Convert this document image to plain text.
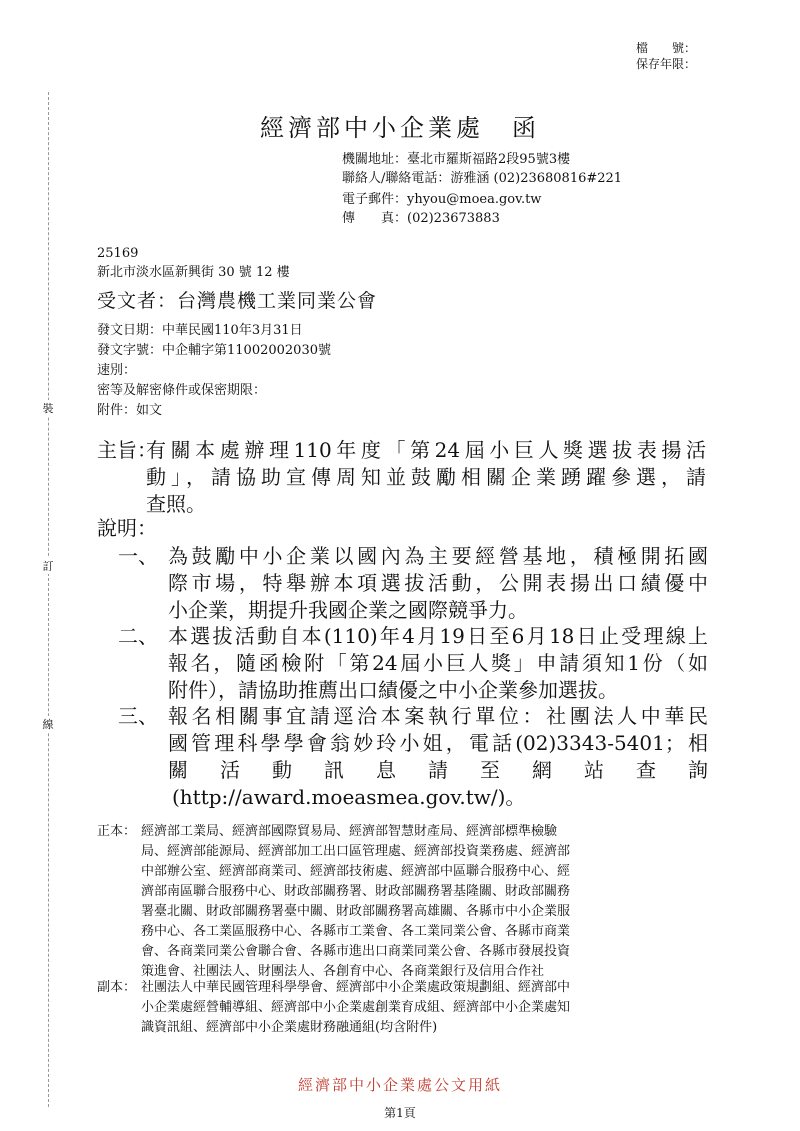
檔　　號：
保存年限：
經濟部中小企業處　函
機關地址：臺北市羅斯福路2段95號3樓
聯絡人/聯絡電話：游雅涵 (02)23680816#221
電子郵件：yhyou@moea.gov.tw
傳　　真：(02)23673883
25169
新北市淡水區新興街 30 號 12 樓
受文者：台灣農機工業同業公會
發文日期：中華民國110年3月31日
發文字號：中企輔字第11002002030號
速別：
密等及解密條件或保密期限：
附件：如文
裝
訂
線
主旨：
有關本處辦理110年度「第24屆小巨人獎選拔表揚活
動」，請協助宣傳周知並鼓勵相關企業踴躍參選，請
查照。
說明：
一、 為鼓勵中小企業以國內為主要經營基地，積極開拓國
際市場，特舉辦本項選拔活動，公開表揚出口績優中
小企業，期提升我國企業之國際競爭力。
二、 本選拔活動自本(110)年4月19日至6月18日止受理線上
報名，隨函檢附「第24屆小巨人獎」申請須知1份（如
附件），請協助推薦出口績優之中小企業參加選拔。
三、 報名相關事宜請逕洽本案執行單位：社團法人中華民
國管理科學學會翁妙玲小姐，電話(02)3343-5401；相
關活動訊息請至網站查詢
(http://award.moeasmea.gov.tw/)。
正本： 經濟部工業局、經濟部國際貿易局、經濟部智慧財產局、經濟部標準檢驗
局、經濟部能源局、經濟部加工出口區管理處、經濟部投資業務處、經濟部
中部辦公室、經濟部商業司、經濟部技術處、經濟部中區聯合服務中心、經
濟部南區聯合服務中心、財政部關務署、財政部關務署基隆關、財政部關務
署臺北關、財政部關務署臺中關、財政部關務署高雄關、各縣市中小企業服
務中心、各工業區服務中心、各縣市工業會、各工業同業公會、各縣市商業
會、各商業同業公會聯合會、各縣市進出口商業同業公會、各縣市發展投資
策進會、社團法人、財團法人、各創育中心、各商業銀行及信用合作社
副本： 社團法人中華民國管理科學學會、經濟部中小企業處政策規劃組、經濟部中
小企業處經營輔導組、經濟部中小企業處創業育成組、經濟部中小企業處知
識資訊組、經濟部中小企業處財務融通組(均含附件)
經濟部中小企業處公文用紙
第1頁
